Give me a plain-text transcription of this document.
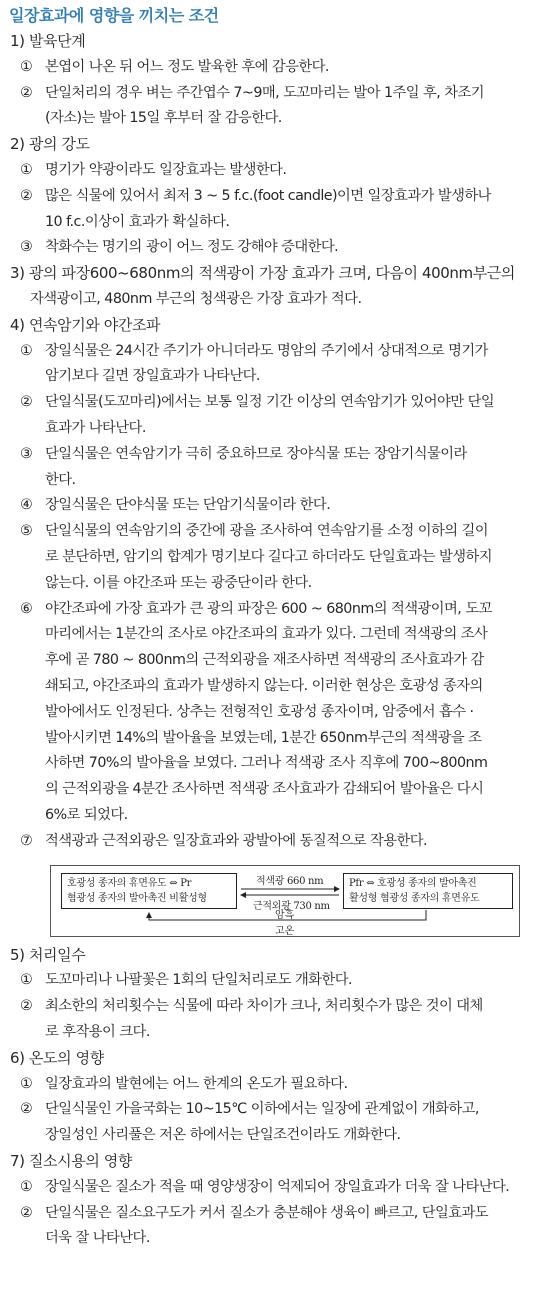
일장효과에 영향을 끼치는 조건
1) 발육단계
① 본엽이 나온 뒤 어느 정도 발육한 후에 감응한다.
② 단일처리의 경우 벼는 주간엽수 7~9매, 도꼬마리는 발아 1주일 후, 차조기
(자소)는 발아 15일 후부터 잘 감응한다.
2) 광의 강도
① 명기가 약광이라도 일장효과는 발생한다.
② 많은 식물에 있어서 최저 3 ~ 5 f.c.(foot candle)이면 일장효과가 발생하나
10 f.c.이상이 효과가 확실하다.
③ 착화수는 명기의 광이 어느 정도 강해야 증대한다.
3) 광의 파장600~680nm의 적색광이 가장 효과가 크며, 다음이 400nm부근의
자색광이고, 480nm 부근의 청색광은 가장 효과가 적다.
4) 연속암기와 야간조파
① 장일식물은 24시간 주기가 아니더라도 명암의 주기에서 상대적으로 명기가
암기보다 길면 장일효과가 나타난다.
② 단일식물(도꼬마리)에서는 보통 일정 기간 이상의 연속암기가 있어야만 단일
효과가 나타난다.
③ 단일식물은 연속암기가 극히 중요하므로 장야식물 또는 장암기식물이라
한다.
④ 장일식물은 단야식물 또는 단암기식물이라 한다.
⑤ 단일식물의 연속암기의 중간에 광을 조사하여 연속암기를 소정 이하의 길이
로 분단하면, 암기의 합계가 명기보다 길다고 하더라도 단일효과는 발생하지
않는다. 이를 야간조파 또는 광중단이라 한다.
⑥ 야간조파에 가장 효과가 큰 광의 파장은 600 ~ 680nm의 적색광이며, 도꼬
마리에서는 1분간의 조사로 야간조파의 효과가 있다. 그런데 적색광의 조사
후에 곧 780 ~ 800nm의 근적외광을 재조사하면 적색광의 조사효과가 감
쇄되고, 야간조파의 효과가 발생하지 않는다. 이러한 현상은 호광성 종자의
발아에서도 인정된다. 상추는 전형적인 호광성 종자이며, 암중에서 흡수 ·
발아시키면 14%의 발아율을 보였는데, 1분간 650nm부근의 적색광을 조
사하면 70%의 발아율을 보였다. 그러나 적색광 조사 직후에 700~800nm
의 근적외광을 4분간 조사하면 적색광 조사효과가 감쇄되어 발아율은 다시
6%로 되었다.
⑦ 적색광과 근적외광은 일장효과와 광발아에 동질적으로 작용한다.
5) 처리일수
① 도꼬마리나 나팔꽃은 1회의 단일처리로도 개화한다.
② 최소한의 처리횟수는 식물에 따라 차이가 크나, 처리횟수가 많은 것이 대체
로 후작용이 크다.
6) 온도의 영향
① 일장효과의 발현에는 어느 한계의 온도가 필요하다.
② 단일식물인 가을국화는 10~15℃ 이하에서는 일장에 관계없이 개화하고,
장일성인 사리풀은 저온 하에서는 단일조건이라도 개화한다.
7) 질소시용의 영향
① 장일식물은 질소가 적을 때 영양생장이 억제되어 장일효과가 더욱 잘 나타난다.
② 단일식물은 질소요구도가 커서 질소가 충분해야 생육이 빠르고, 단일효과도
더욱 잘 나타난다.
호광성 종자의 휴면유도 ⇔ Pr
혐광성 종자의 발아촉진 비활성형
Pfr ⇔ 호광성 종자의 발아촉진
활성형 혐광성 종자의 휴면유도
적색광 660 nm
근적외광 730 nm
암흑
고온
